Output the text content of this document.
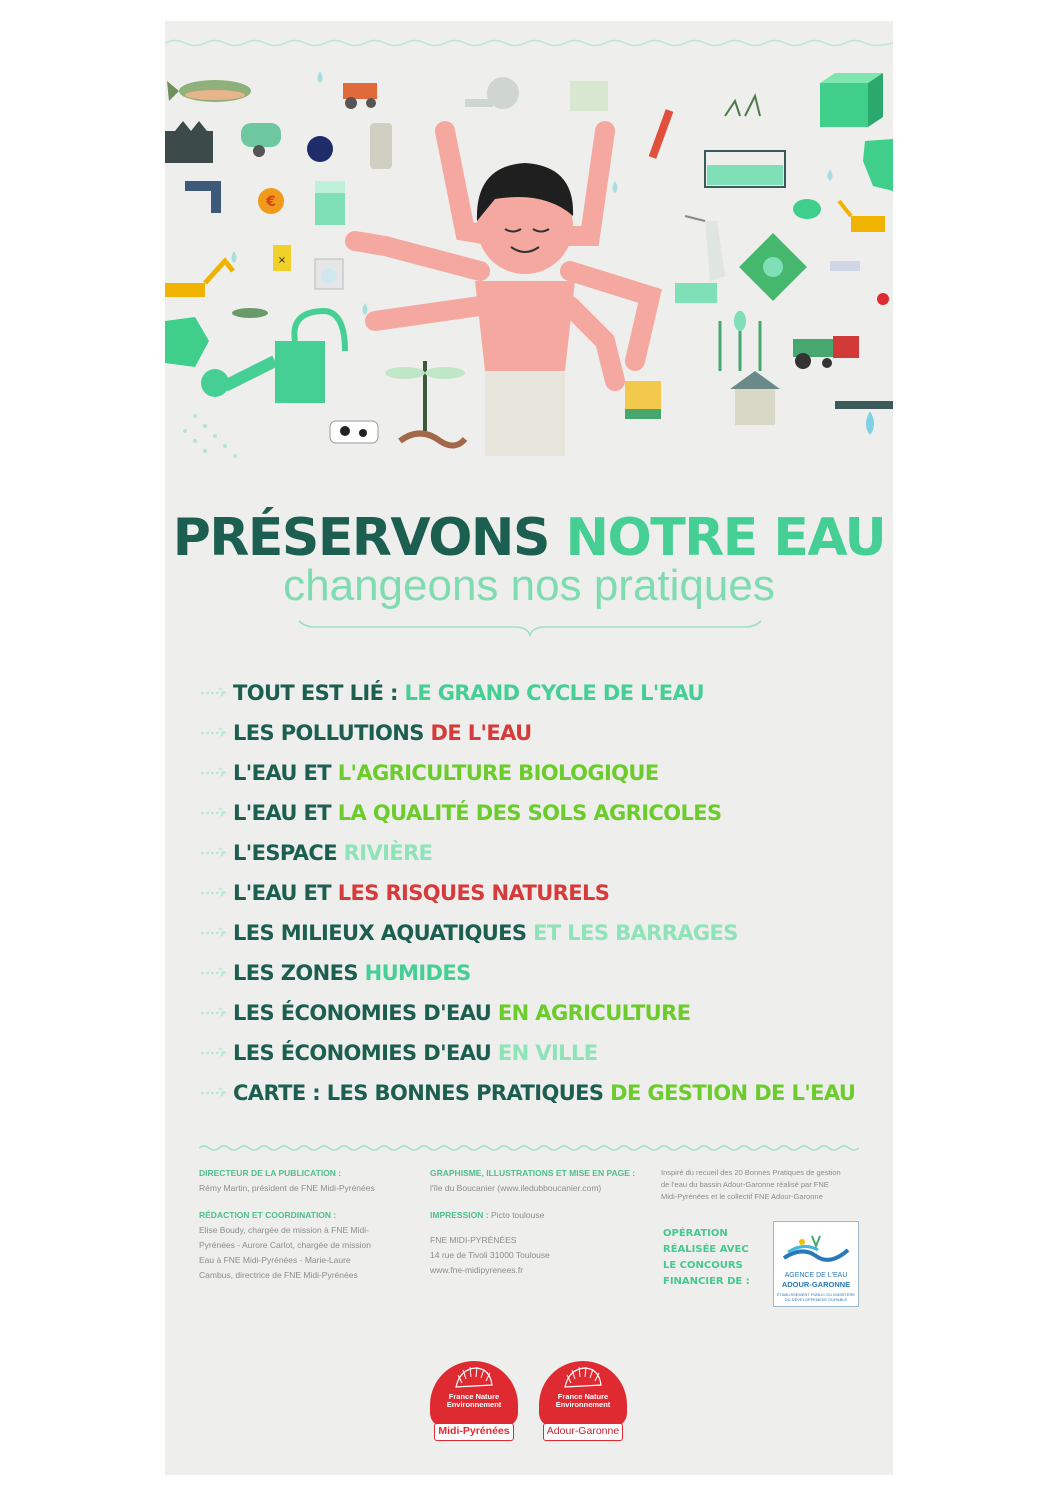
€
×
PRÉSERVONS NOTRE EAU
changeons nos pratiques
TOUT EST LIÉ : LE GRAND CYCLE DE L'EAU
LES POLLUTIONS DE L'EAU
L'EAU ET L'AGRICULTURE BIOLOGIQUE
L'EAU ET LA QUALITÉ DES SOLS AGRICOLES
L'ESPACE RIVIÈRE
L'EAU ET LES RISQUES NATURELS
LES MILIEUX AQUATIQUES ET LES BARRAGES
LES ZONES HUMIDES
LES ÉCONOMIES D'EAU EN AGRICULTURE
LES ÉCONOMIES D'EAU EN VILLE
CARTE : LES BONNES PRATIQUES DE GESTION DE L'EAU
DIRECTEUR DE LA PUBLICATION :
Rémy Martin, président de FNE Midi-Pyrénées
RÉDACTION ET COORDINATION :
Elise Boudy, chargée de mission à FNE Midi-
Pyrénées - Aurore Carlot, chargée de mission
Eau à FNE Midi-Pyrénées - Marie-Laure
Cambus, directrice de FNE Midi-Pyrénées
GRAPHISME, ILLUSTRATIONS ET MISE EN PAGE :
l'île du Boucanier (www.iledubboucanier.com)
IMPRESSION : Picto toulouse
FNE MIDI-PYRÉNÉES
14 rue de Tivoli 31000 Toulouse
www.fne-midipyrenees.fr
Inspiré du recueil des 20 Bonnes Pratiques de gestion
de l'eau du bassin Adour-Garonne réalisé par FNE
Midi-Pyrénées et le collectif FNE Adour-Garonne
OPÉRATION
RÉALISÉE AVEC
LE CONCOURS
FINANCIER DE :
AGENCE DE L'EAU
ADOUR-GARONNE
ÉTABLISSEMENT PUBLIC DU MINISTÈRE DU DÉVELOPPEMENT DURABLE
France Nature Environnement
Midi-Pyrénées
France Nature Environnement
Adour-Garonne
